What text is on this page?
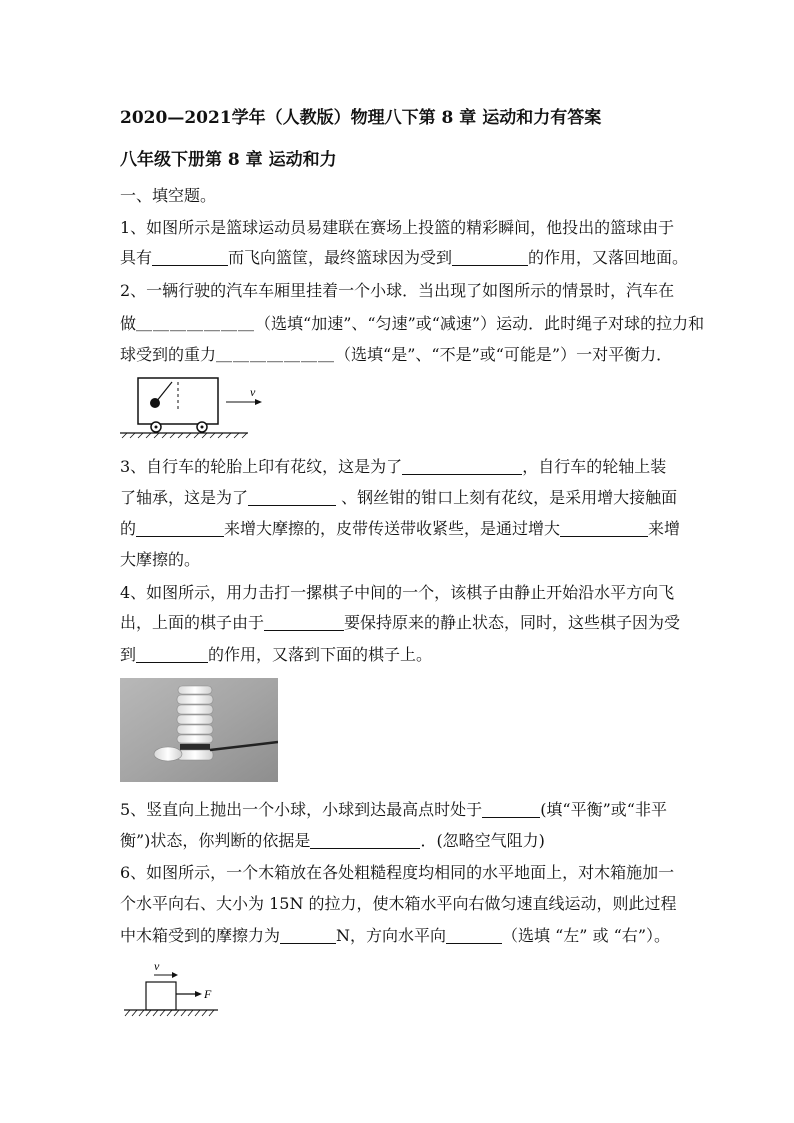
2020—2021学年（人教版）物理八下第 8 章 运动和力有答案
八年级下册第 8 章 运动和力
一、填空题。
1、如图所示是篮球运动员易建联在赛场上投篮的精彩瞬间，他投出的篮球由于
具有	而飞向篮筐，最终篮球因为受到	的作用，又落回地面。
2、一辆行驶的汽车车厢里挂着一个小球．当出现了如图所示的情景时，汽车在
做＿＿＿＿＿＿＿（选填“加速”、“匀速”或“减速”）运动．此时绳子对球的拉力和
球受到的重力＿＿＿＿＿＿＿（选填“是”、“不是”或“可能是”）一对平衡力．
v
3、自行车的轮胎上印有花纹，这是为了	，自行车的轮轴上装
了轴承，这是为了	、钢丝钳的钳口上刻有花纹，是采用增大接触面
的	来增大摩擦的，皮带传送带收紧些，是通过增大	来增
大摩擦的。
4、如图所示，用力击打一摞棋子中间的一个，该棋子由静止开始沿水平方向飞
出，上面的棋子由于	要保持原来的静止状态，同时，这些棋子因为受
到	的作用，又落到下面的棋子上。
5、竖直向上抛出一个小球，小球到达最高点时处于	(填“平衡”或“非平
衡”)状态，你判断的依据是	．(忽略空气阻力)
6、如图所示，一个木箱放在各处粗糙程度均相同的水平地面上，对木箱施加一
个水平向右、大小为 15N 的拉力，使木箱水平向右做匀速直线运动，则此过程
中木箱受到的摩擦力为	N，方向水平向	（选填 “左” 或 “右”）。
v
F
